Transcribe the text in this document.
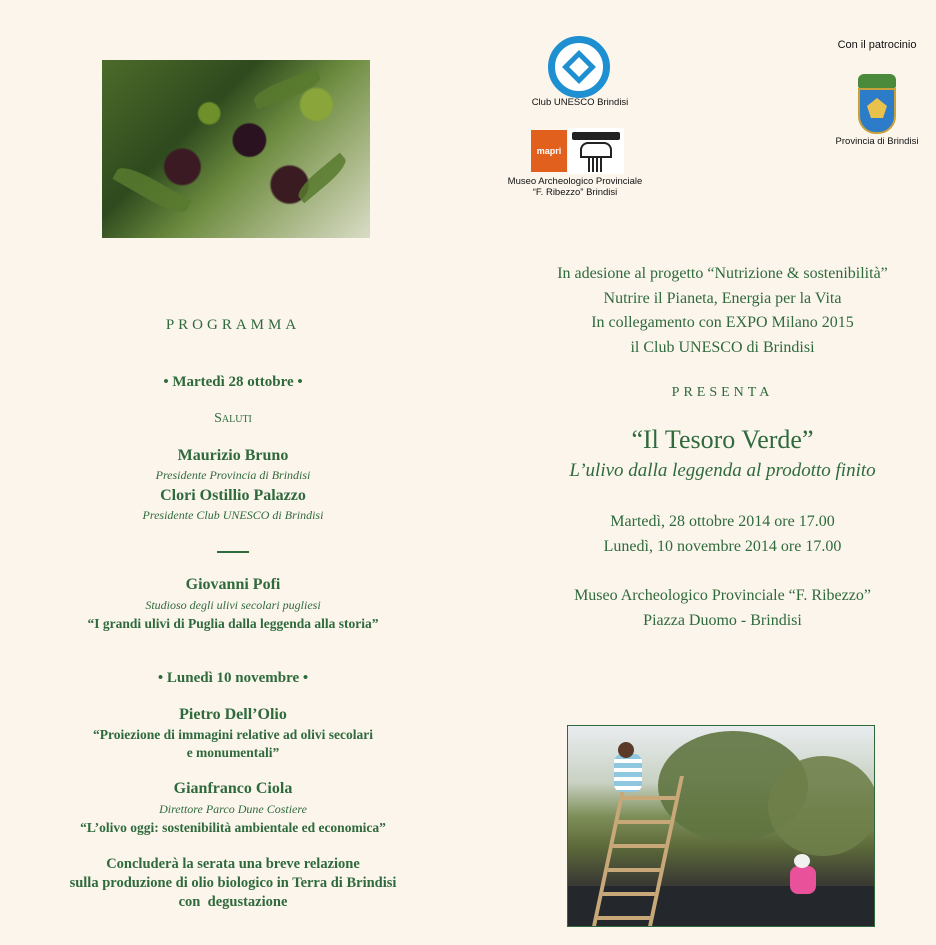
PROGRAMMA
• Martedì 28 ottobre •
Saluti
Maurizio Bruno
Presidente Provincia di Brindisi
Clori Ostillio Palazzo
Presidente Club UNESCO di Brindisi
Giovanni Pofi
Studioso degli ulivi secolari pugliesi
“I grandi ulivi di Puglia dalla leggenda alla storia”
• Lunedì 10 novembre •
Pietro Dell’Olio
“Proiezione di immagini relative ad olivi secolari
e monumentali”
Gianfranco Ciola
Direttore Parco Dune Costiere
“L’olivo oggi: sostenibilità ambientale ed economica”
Concluderà la serata una breve relazione
sulla produzione di olio biologico in Terra di Brindisi
con  degustazione
Club UNESCO Brindisi
mapri
Museo Archeologico Provinciale
“F. Ribezzo” Brindisi
Con il patrocinio
Provincia di Brindisi
In adesione al progetto “Nutrizione & sostenibilità”
Nutrire il Pianeta, Energia per la Vita
In collegamento con EXPO Milano 2015
il Club UNESCO di Brindisi
PRESENTA
“Il Tesoro Verde”
L’ulivo dalla leggenda al prodotto finito
Martedì, 28 ottobre 2014 ore 17.00
Lunedì, 10 novembre 2014 ore 17.00
Museo Archeologico Provinciale “F. Ribezzo”
Piazza Duomo - Brindisi
